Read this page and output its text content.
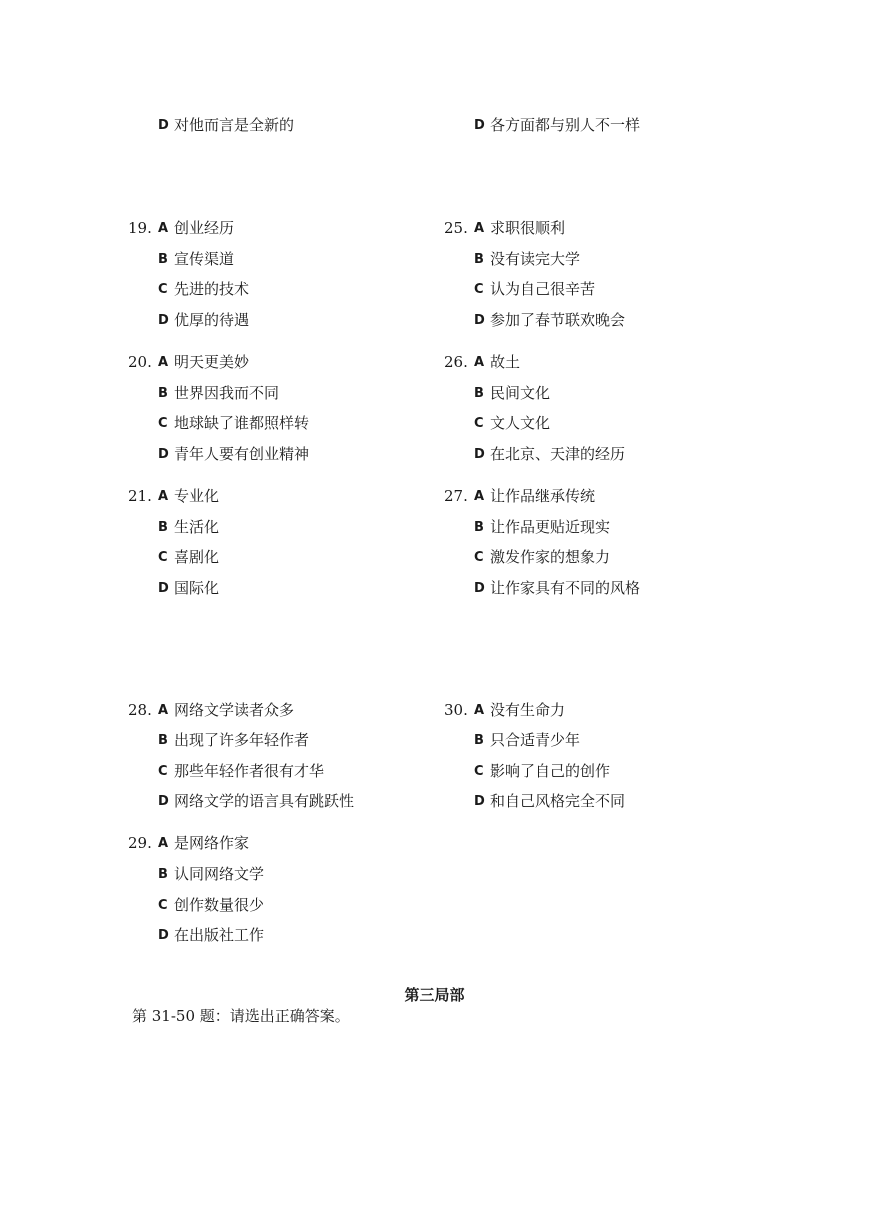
D 对他而言是全新的	D 各方面都与别人不一样
19. A 创业经历
B 宣传渠道
C 先进的技术
D 优厚的待遇
25. A 求职很顺利
B 没有读完大学
C 认为自己很辛苦
D 参加了春节联欢晚会
20. A 明天更美妙
B 世界因我而不同
C 地球缺了谁都照样转
D 青年人要有创业精神
26. A 故土
B 民间文化
C 文人文化
D 在北京、天津的经历
21. A 专业化
B 生活化
C 喜剧化
D 国际化
27. A 让作品继承传统
B 让作品更贴近现实
C 激发作家的想象力
D 让作家具有不同的风格
28. A 网络文学读者众多
B 出现了许多年轻作者
C 那些年轻作者很有才华
D 网络文学的语言具有跳跃性
30. A 没有生命力
B 只合适青少年
C 影响了自己的创作
D 和自己风格完全不同
29. A 是网络作家
B 认同网络文学
C 创作数量很少
D 在出版社工作
第三局部
第 31-50 题：请选出正确答案。
